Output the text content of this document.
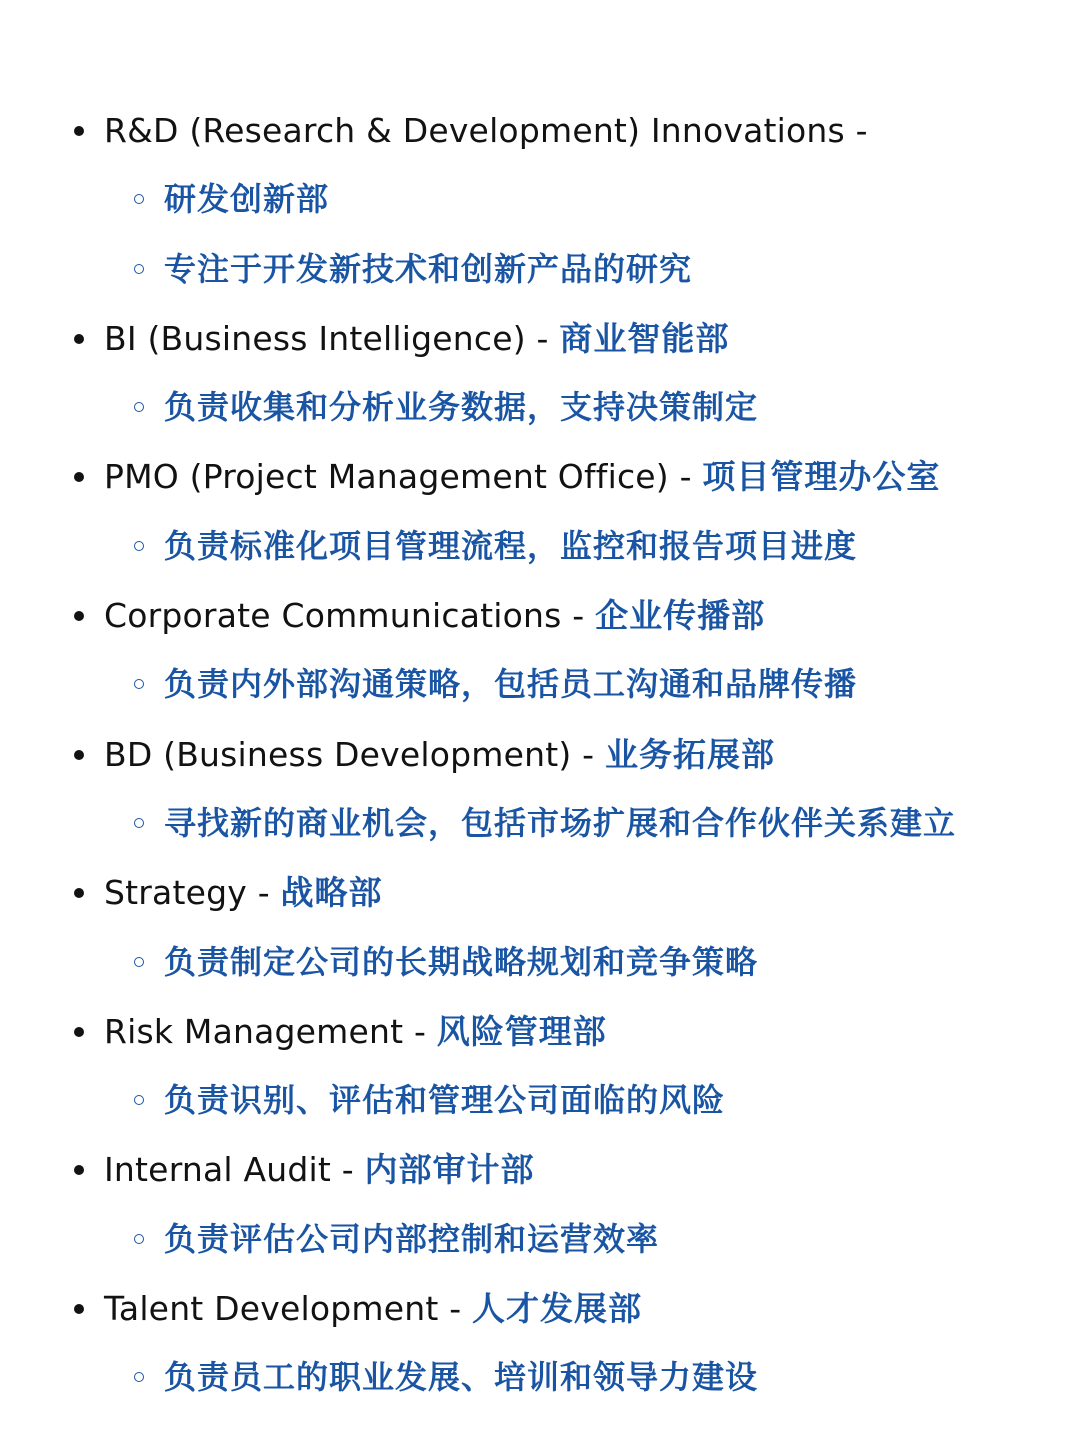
R&D (Research & Development) Innovations -
研发创新部
专注于开发新技术和创新产品的研究
BI (Business Intelligence) - 商业智能部
负责收集和分析业务数据，支持决策制定
PMO (Project Management Office) - 项目管理办公室
负责标准化项目管理流程，监控和报告项目进度
Corporate Communications - 企业传播部
负责内外部沟通策略，包括员工沟通和品牌传播
BD (Business Development) - 业务拓展部
寻找新的商业机会，包括市场扩展和合作伙伴关系建立
Strategy - 战略部
负责制定公司的长期战略规划和竞争策略
Risk Management - 风险管理部
负责识别、评估和管理公司面临的风险
Internal Audit - 内部审计部
负责评估公司内部控制和运营效率
Talent Development - 人才发展部
负责员工的职业发展、培训和领导力建设
